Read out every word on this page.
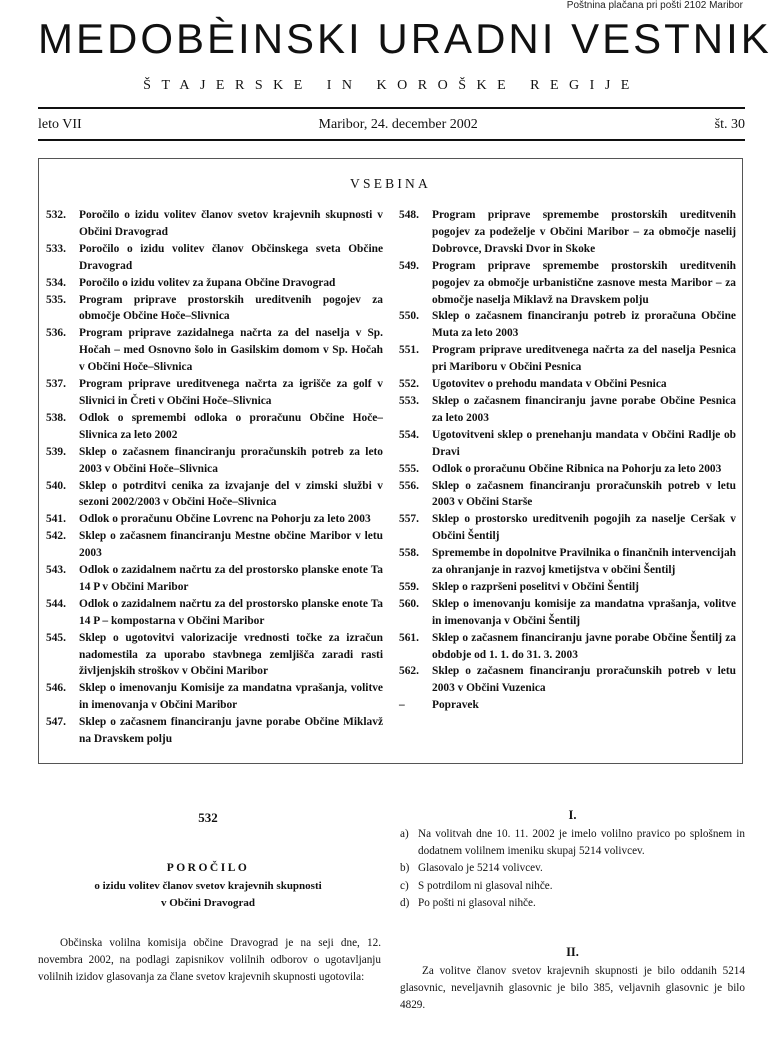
Poštnina plačana pri pošti 2102 Maribor
MEDOBÈINSKI URADNI VESTNIK
ŠTAJERSKE IN KOROŠKE REGIJE
leto VII	Maribor, 24. december 2002	št. 30
VSEBINA
532.	Poročilo o izidu volitev članov svetov krajevnih skupnosti v Občini Dravograd
533.	Poročilo o izidu volitev članov Občinskega sveta Občine Dravograd
534.	Poročilo o izidu volitev za župana Občine Dravograd
535.	Program priprave prostorskih ureditvenih pogojev za območje Občine Hoče–Slivnica
536.	Program priprave zazidalnega načrta za del naselja v Sp. Hočah – med Osnovno šolo in Gasilskim domom v Sp. Hočah v Občini Hoče–Slivnica
537.	Program priprave ureditvenega načrta za igrišče za golf v Slivnici in Čreti v Občini Hoče–Slivnica
538.	Odlok o spremembi odloka o proračunu Občine Hoče–Slivnica za leto 2002
539.	Sklep o začasnem financiranju proračunskih potreb za leto 2003 v Občini Hoče–Slivnica
540.	Sklep o potrditvi cenika za izvajanje del v zimski službi v sezoni 2002/2003 v Občini Hoče–Slivnica
541.	Odlok o proračunu Občine Lovrenc na Pohorju za leto 2003
542.	Sklep o začasnem financiranju Mestne občine Maribor v letu 2003
543.	Odlok o zazidalnem načrtu za del prostorsko planske enote Ta 14 P v Občini Maribor
544.	Odlok o zazidalnem načrtu za del prostorsko planske enote Ta 14 P – kompostarna v Občini Maribor
545.	Sklep o ugotovitvi valorizacije vrednosti točke za izračun nadomestila za uporabo stavbnega zemljišča zaradi rasti življenjskih stroškov v Občini Maribor
546.	Sklep o imenovanju Komisije za mandatna vprašanja, volitve in imenovanja v Občini Maribor
547.	Sklep o začasnem financiranju javne porabe Občine Miklavž na Dravskem polju
548.	Program priprave spremembe prostorskih ureditvenih pogojev za podeželje v Občini Maribor – za območje naselij Dobrovce, Dravski Dvor in Skoke
549.	Program priprave spremembe prostorskih ureditvenih pogojev za območje urbanistične zasnove mesta Maribor – za območje naselja Miklavž na Dravskem polju
550.	Sklep o začasnem financiranju potreb iz proračuna Občine Muta za leto 2003
551.	Program priprave ureditvenega načrta za del naselja Pesnica pri Mariboru v Občini Pesnica
552.	Ugotovitev o prehodu mandata v Občini Pesnica
553.	Sklep o začasnem financiranju javne porabe Občine Pesnica za leto 2003
554.	Ugotovitveni sklep o prenehanju mandata v Občini Radlje ob Dravi
555.	Odlok o proračunu Občine Ribnica na Pohorju za leto 2003
556.	Sklep o začasnem financiranju proračunskih potreb v letu 2003 v Občini Starše
557.	Sklep o prostorsko ureditvenih pogojih za naselje Ceršak v Občini Šentilj
558.	Spremembe in dopolnitve Pravilnika o finančnih intervencijah za ohranjanje in razvoj kmetijstva v občini Šentilj
559.	Sklep o razpršeni poselitvi v Občini Šentilj
560.	Sklep o imenovanju komisije za mandatna vprašanja, volitve in imenovanja v Občini Šentilj
561.	Sklep o začasnem financiranju javne porabe Občine Šentilj za obdobje od 1. 1. do 31. 3. 2003
562.	Sklep o začasnem financiranju proračunskih potreb v letu 2003 v Občini Vuzenica
–	Popravek
532
POROČILO
o izidu volitev članov svetov krajevnih skupnosti
v Občini Dravograd
Občinska volilna komisija občine Dravograd je na seji dne, 12. novembra 2002, na podlagi zapisnikov volilnih odborov o ugotavljanju volilnih izidov glasovanja za člane svetov krajevnih skupnosti ugotovila:
I.
a) Na volitvah dne 10. 11. 2002 je imelo volilno pravico po splošnem in dodatnem volilnem imeniku skupaj 5214 volivcev.
b) Glasovalo je 5214 volivcev.
c) S potrdilom ni glasoval nihče.
d) Po pošti ni glasoval nihče.
II.
Za volitve članov svetov krajevnih skupnosti je bilo oddanih 5214 glasovnic, neveljavnih glasovnic je bilo 385, veljavnih glasovnic je bilo 4829.
